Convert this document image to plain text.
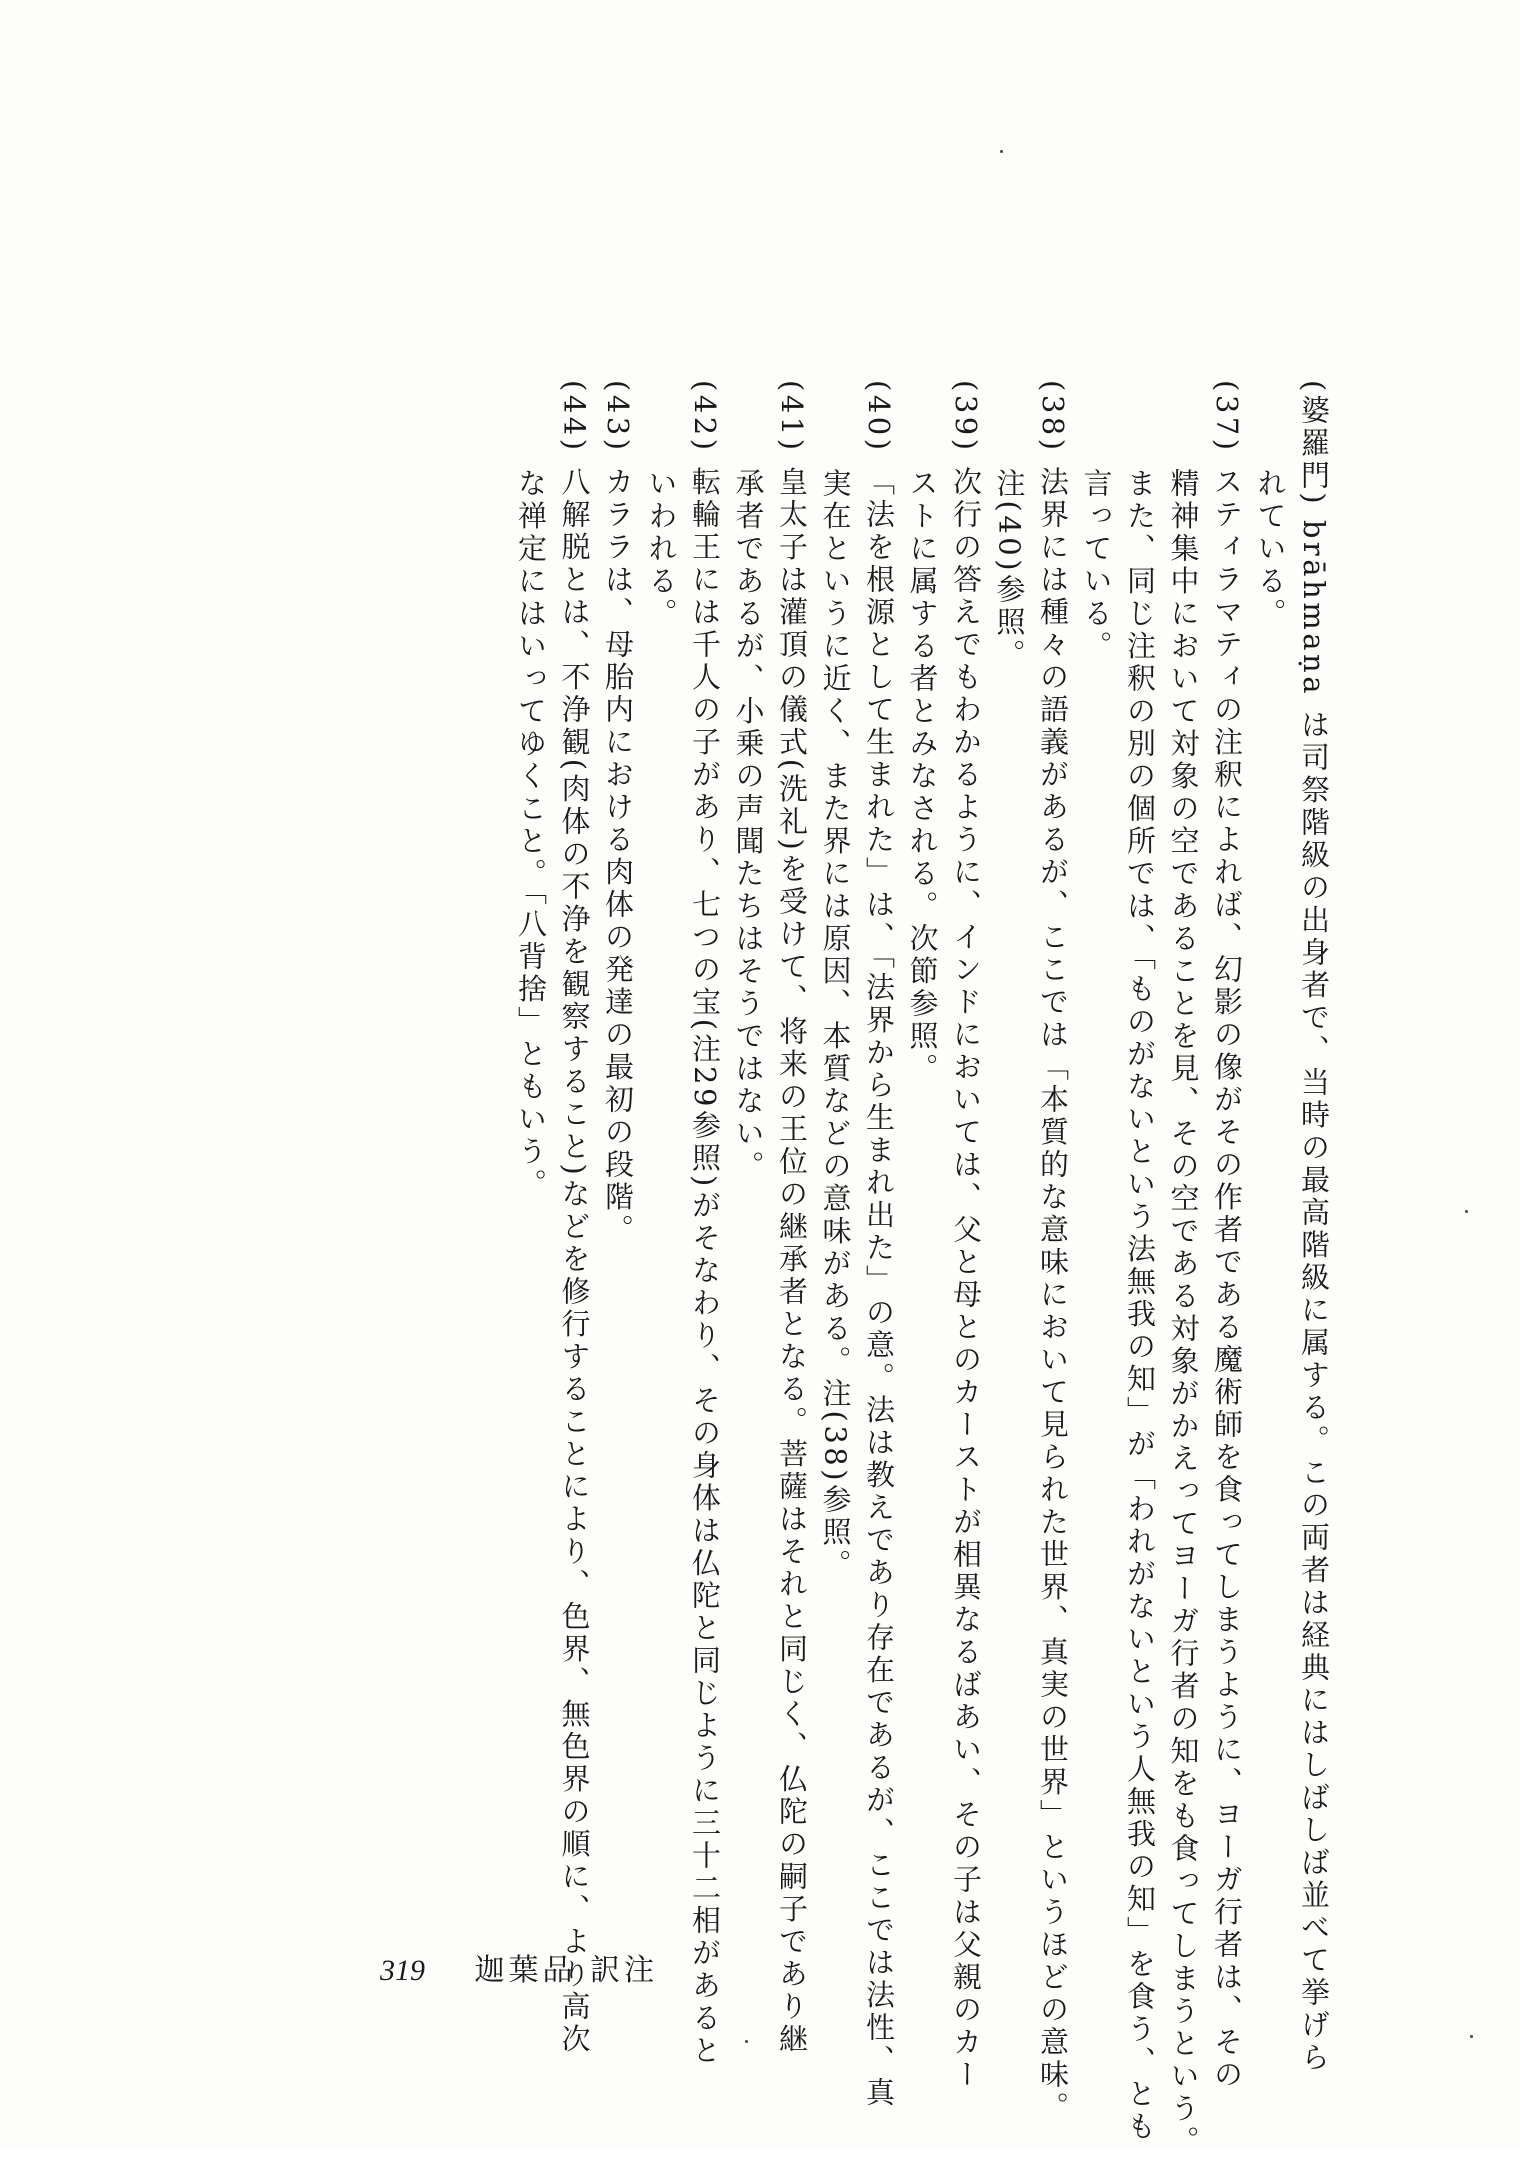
(婆羅門) brāhmaṇa は司祭階級の出身者で、当時の最高階級に属する。この両者は経典にはしばしば並べて挙げら
れている。
(37) スティラマティの注釈によれば、幻影の像がその作者である魔術師を食ってしまうように、ヨーガ行者は、その
精神集中において対象の空であることを見、その空である対象がかえってヨーガ行者の知をも食ってしまうという。
また、同じ注釈の別の個所では、「ものがないという法無我の知」が「われがないという人無我の知」を食う、とも
言っている。
(38) 法界には種々の語義があるが、ここでは「本質的な意味において見られた世界、真実の世界」というほどの意味。
注(40)参照。
(39) 次行の答えでもわかるように、インドにおいては、父と母とのカーストが相異なるばあい、その子は父親のカー
ストに属する者とみなされる。次節参照。
(40) 「法を根源として生まれた」は、「法界から生まれ出た」の意。法は教えであり存在であるが、ここでは法性、真
実在というに近く、また界には原因、本質などの意味がある。注(38)参照。
(41) 皇太子は灌頂の儀式(洗礼)を受けて、将来の王位の継承者となる。菩薩はそれと同じく、仏陀の嗣子であり継
承者であるが、小乗の声聞たちはそうではない。
(42) 転輪王には千人の子があり、七つの宝(注29参照)がそなわり、その身体は仏陀と同じように三十二相があると
いわれる。
(43) カララは、母胎内における肉体の発達の最初の段階。
(44) 八解脱とは、不浄観(肉体の不浄を観察すること)などを修行することにより、色界、無色界の順に、より高次
な禅定にはいってゆくこと。「八背捨」ともいう。
319 迦葉品 訳注
